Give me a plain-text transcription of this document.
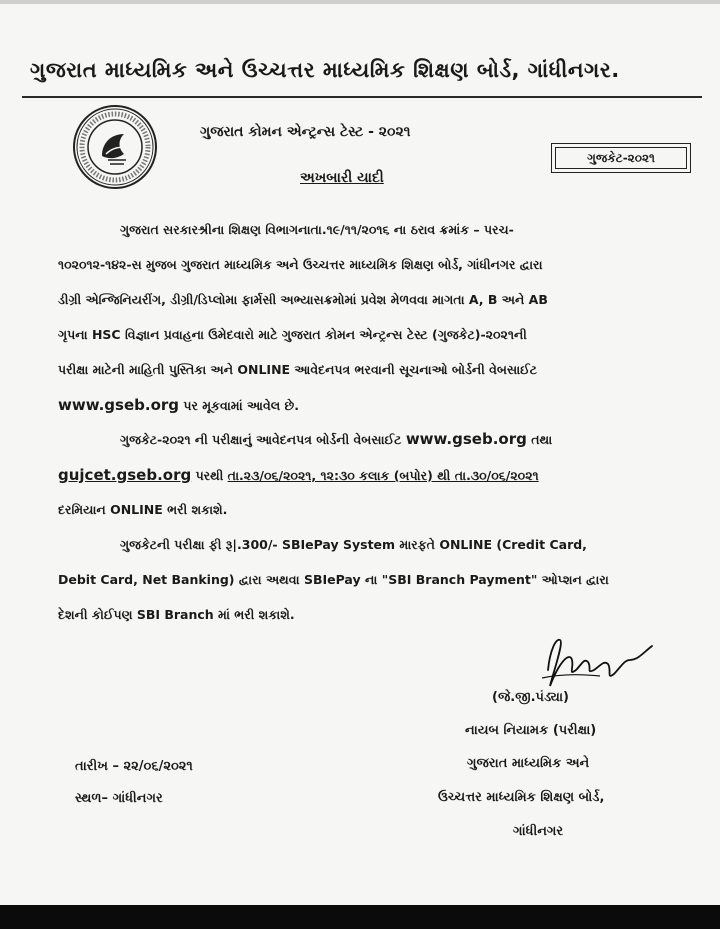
ગુજરાત માધ્યમિક અને ઉચ્ચત્તર માધ્યમિક શિક્ષણ બોર્ડ, ગાંધીનગર.
ગુજરાત કોમન એન્ટ્રન્સ ટેસ્ટ - ૨૦૨૧
ગુજકેટ-૨૦૨૧
અખબારી યાદી
ગુજરાત સરકારશ્રીના શિક્ષણ વિભાગનાતા.૧૯/૧૧/૨૦૧૬ ના ઠરાવ ક્રમાંક – પરચ-
૧૦૨૦૧૨-૧૪૨-સ મુજબ ગુજરાત માધ્યમિક અને ઉચ્ચત્તર માધ્યમિક શિક્ષણ બોર્ડ, ગાંધીનગર દ્વારા
ડીગ્રી એન્જિનિયરીંગ, ડીગ્રી/ડિપ્લોમા ફાર્મસી અભ્યાસક્રમોમાં પ્રવેશ મેળવવા માગતા A, B અને AB
ગૃપના HSC વિજ્ઞાન પ્રવાહના ઉમેદવારો માટે ગુજરાત કોમન એન્ટ્રન્સ ટેસ્ટ (ગુજકેટ)-૨૦૨૧ની
પરીક્ષા માટેની માહિતી પુસ્તિકા અને ONLINE આવેદનપત્ર ભરવાની સૂચનાઓ બોર્ડની વેબસાઈટ
www.gseb.org પર મૂકવામાં આવેલ છે.
ગુજકેટ-૨૦૨૧ ની પરીક્ષાનું આવેદનપત્ર બોર્ડની વેબસાઈટ www.gseb.org તથા
gujcet.gseb.org પરથી તા.૨૩/૦૬/૨૦૨૧, ૧૨:૩૦ કલાક (બપોર) થી તા.૩૦/૦૬/૨૦૨૧
દરમિયાન ONLINE ભરી શકાશે.
ગુજકેટની પરીક્ષા ફી રૂ|.300/- SBIePay System મારફતે ONLINE (Credit Card,
Debit Card, Net Banking) દ્વારા અથવા SBIePay ના "SBI Branch Payment" ઓપ્શન દ્વારા
દેશની કોઈપણ SBI Branch માં ભરી શકાશે.
(જે.જી.પંડ્યા)
નાયબ નિયામક (પરીક્ષા)
તારીખ – ૨૨/૦૬/૨૦૨૧	ગુજરાત માધ્યમિક અને
સ્થળ– ગાંધીનગર	ઉચ્ચત્તર માધ્યમિક શિક્ષણ બોર્ડ,
ગાંધીનગર
